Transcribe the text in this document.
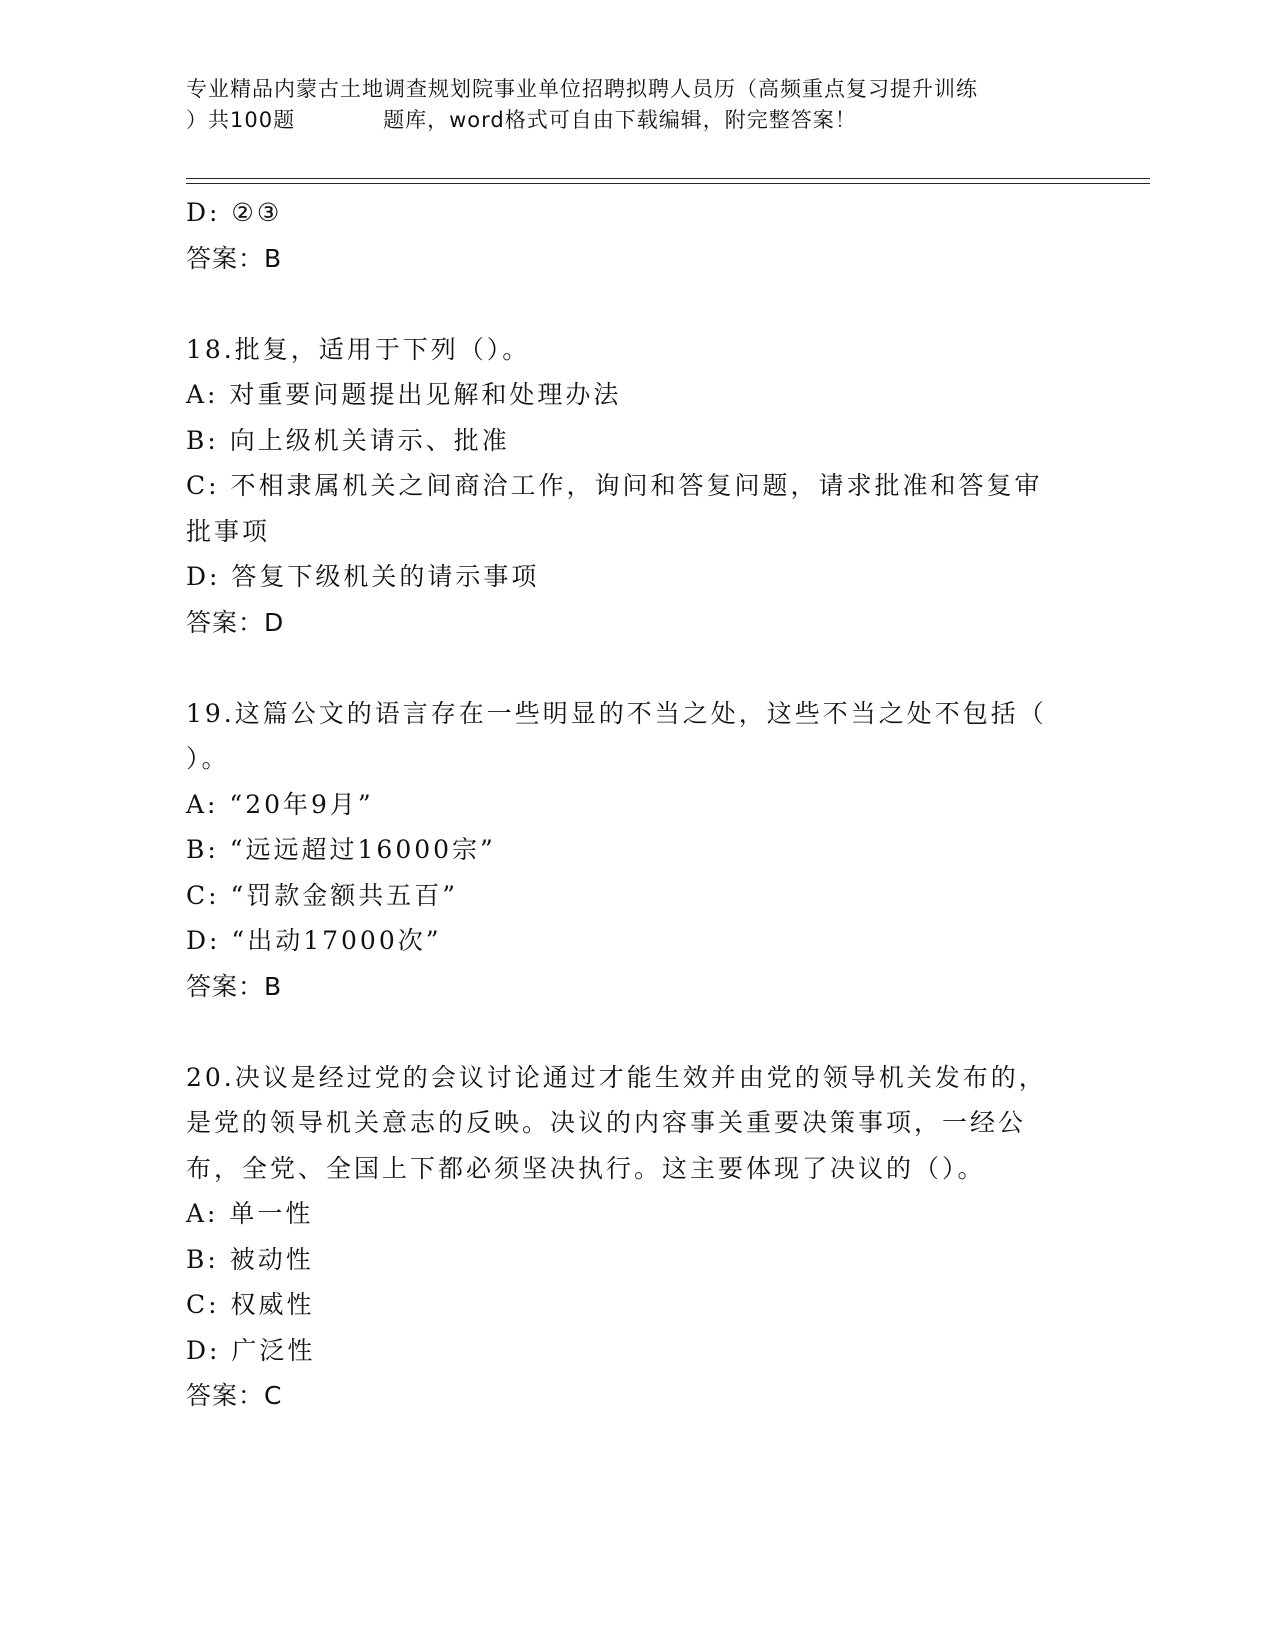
专业精品内蒙古土地调查规划院事业单位招聘拟聘人员历（高频重点复习提升训练
）共100题　　　　题库，word格式可自由下载编辑，附完整答案！
D: ②③
答案：B
18.批复，适用于下列（）。
A: 对重要问题提出见解和处理办法
B: 向上级机关请示、批准
C: 不相隶属机关之间商洽工作，询问和答复问题，请求批准和答复审
批事项
D: 答复下级机关的请示事项
答案：D
19.这篇公文的语言存在一些明显的不当之处，这些不当之处不包括（
）。
A: “20年9月”
B: “远远超过16000宗”
C: “罚款金额共五百”
D: “出动17000次”
答案：B
20.决议是经过党的会议讨论通过才能生效并由党的领导机关发布的，
是党的领导机关意志的反映。决议的内容事关重要决策事项，一经公
布，全党、全国上下都必须坚决执行。这主要体现了决议的（）。
A: 单一性
B: 被动性
C: 权威性
D: 广泛性
答案：C
